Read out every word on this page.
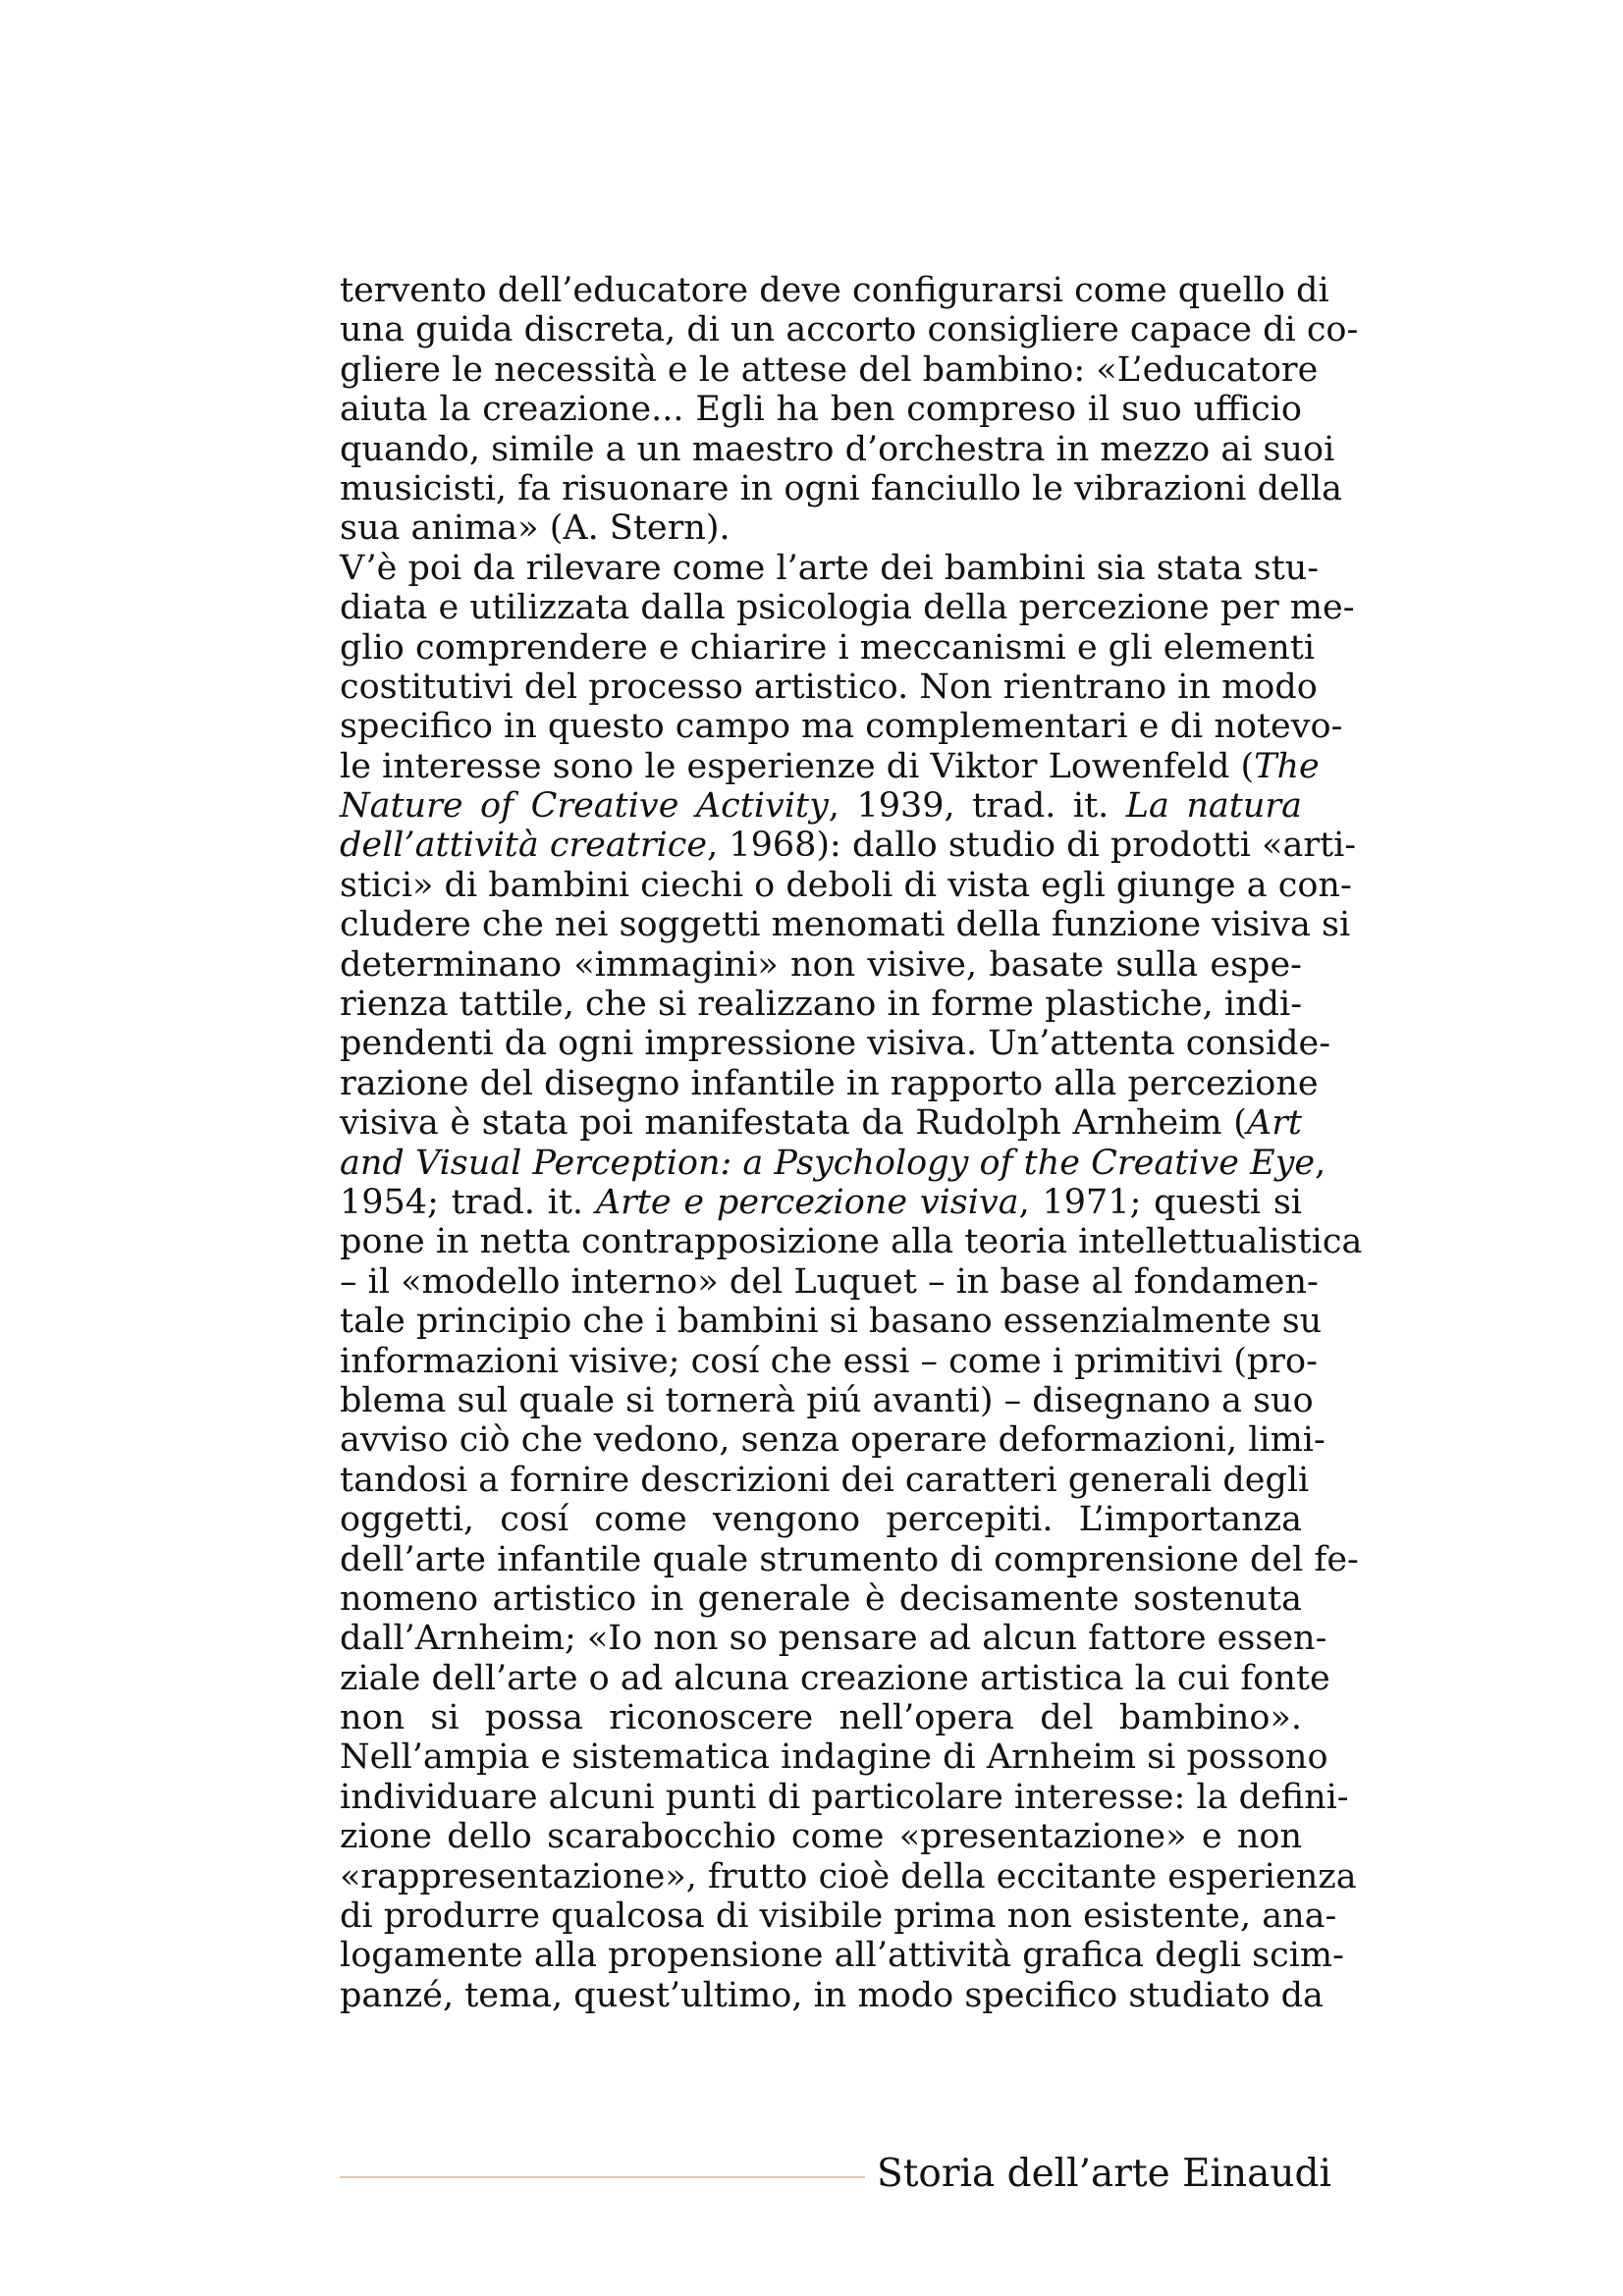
tervento dell’educatore deve configurarsi come quello di
una guida discreta, di un accorto consigliere capace di co-
gliere le necessità e le attese del bambino: «L’educatore
aiuta la creazione... Egli ha ben compreso il suo ufficio
quando, simile a un maestro d’orchestra in mezzo ai suoi
musicisti, fa risuonare in ogni fanciullo le vibrazioni della
sua anima» (A. Stern).
V’è poi da rilevare come l’arte dei bambini sia stata stu-
diata e utilizzata dalla psicologia della percezione per me-
glio comprendere e chiarire i meccanismi e gli elementi
costitutivi del processo artistico. Non rientrano in modo
specifico in questo campo ma complementari e di notevo-
le interesse sono le esperienze di Viktor Lowenfeld (The
Nature of Creative Activity, 1939, trad. it. La natura
dell’attività creatrice, 1968): dallo studio di prodotti «arti-
stici» di bambini ciechi o deboli di vista egli giunge a con-
cludere che nei soggetti menomati della funzione visiva si
determinano «immagini» non visive, basate sulla espe-
rienza tattile, che si realizzano in forme plastiche, indi-
pendenti da ogni impressione visiva. Un’attenta conside-
razione del disegno infantile in rapporto alla percezione
visiva è stata poi manifestata da Rudolph Arnheim (Art
and Visual Perception: a Psychology of the Creative Eye,
1954; trad. it. Arte e percezione visiva, 1971; questi si
pone in netta contrapposizione alla teoria intellettualistica
– il «modello interno» del Luquet – in base al fondamen-
tale principio che i bambini si basano essenzialmente su
informazioni visive; cosí che essi – come i primitivi (pro-
blema sul quale si tornerà piú avanti) – disegnano a suo
avviso ciò che vedono, senza operare deformazioni, limi-
tandosi a fornire descrizioni dei caratteri generali degli
oggetti, cosí come vengono percepiti. L’importanza
dell’arte infantile quale strumento di comprensione del fe-
nomeno artistico in generale è decisamente sostenuta
dall’Arnheim; «Io non so pensare ad alcun fattore essen-
ziale dell’arte o ad alcuna creazione artistica la cui fonte
non si possa riconoscere nell’opera del bambino».
Nell’ampia e sistematica indagine di Arnheim si possono
individuare alcuni punti di particolare interesse: la defini-
zione dello scarabocchio come «presentazione» e non
«rappresentazione», frutto cioè della eccitante esperienza
di produrre qualcosa di visibile prima non esistente, ana-
logamente alla propensione all’attività grafica degli scim-
panzé, tema, quest’ultimo, in modo specifico studiato da
Storia dell’arte Einaudi
